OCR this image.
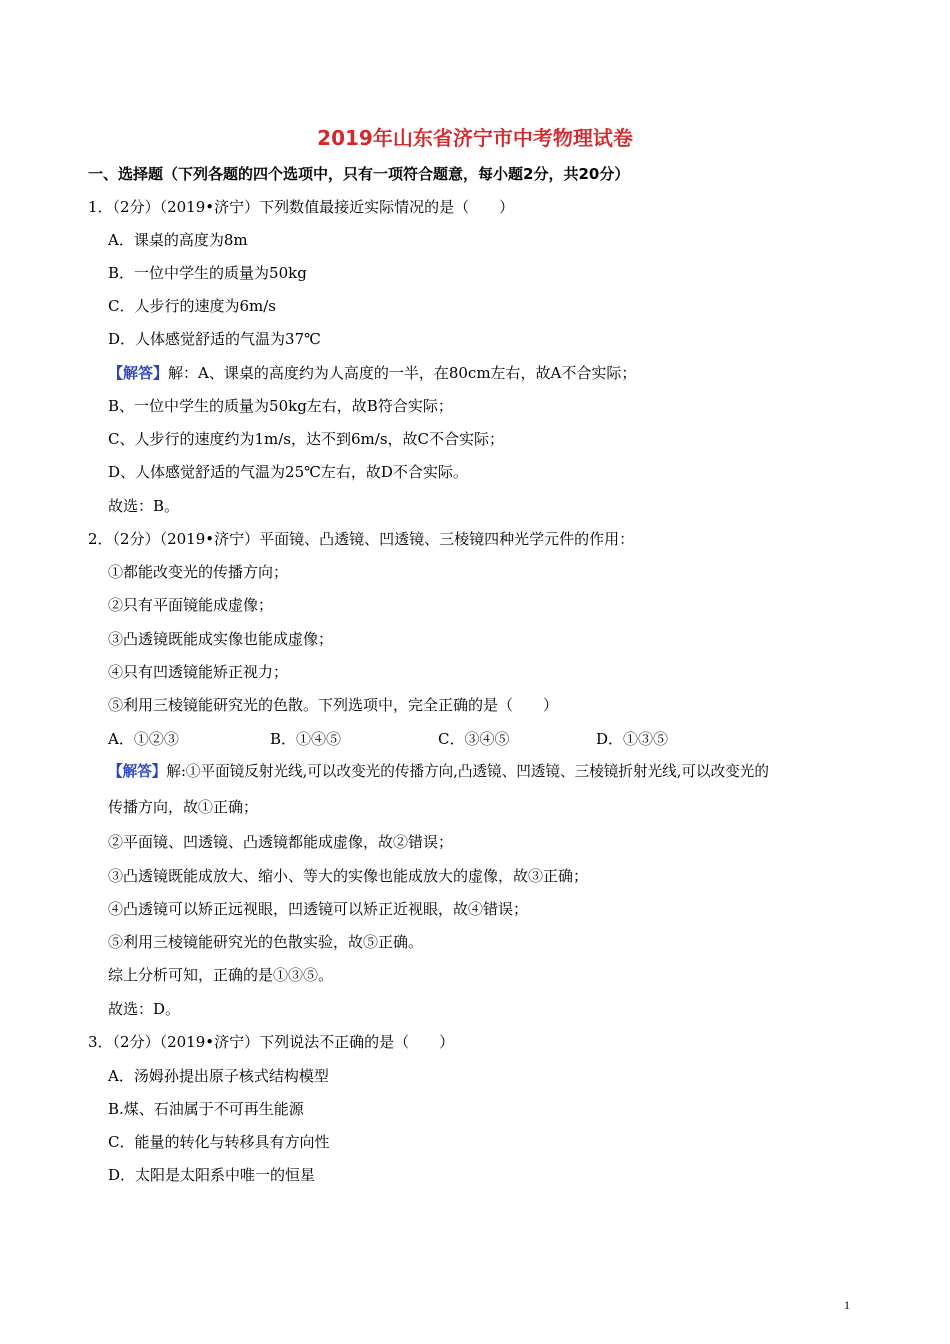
2019年山东省济宁市中考物理试卷
一、选择题（下列各题的四个选项中，只有一项符合题意，每小题2分，共20分）
1．（2分）（2019•济宁）下列数值最接近实际情况的是（　　）
A．课桌的高度为8m
B．一位中学生的质量为50kg
C．人步行的速度为6m/s
D．人体感觉舒适的气温为37℃
【解答】解：A、课桌的高度约为人高度的一半，在80cm左右，故A不合实际；
B、一位中学生的质量为50kg左右，故B符合实际；
C、人步行的速度约为1m/s，达不到6m/s，故C不合实际；
D、人体感觉舒适的气温为25℃左右，故D不合实际。
故选：B。
2．（2分）（2019•济宁）平面镜、凸透镜、凹透镜、三棱镜四种光学元件的作用：
①都能改变光的传播方向；
②只有平面镜能成虚像；
③凸透镜既能成实像也能成虚像；
④只有凹透镜能矫正视力；
⑤利用三棱镜能研究光的色散。下列选项中，完全正确的是（　　）
A．①②③	B．①④⑤	C．③④⑤	D．①③⑤
【解答】解:①平面镜反射光线,可以改变光的传播方向,凸透镜、凹透镜、三棱镜折射光线,可以改变光的
传播方向，故①正确；
②平面镜、凹透镜、凸透镜都能成虚像，故②错误；
③凸透镜既能成放大、缩小、等大的实像也能成放大的虚像，故③正确；
④凸透镜可以矫正远视眼，凹透镜可以矫正近视眼，故④错误；
⑤利用三棱镜能研究光的色散实验，故⑤正确。
综上分析可知，正确的是①③⑤。
故选：D。
3．（2分）（2019•济宁）下列说法不正确的是（　　）
A．汤姆孙提出原子核式结构模型
B.煤、石油属于不可再生能源
C．能量的转化与转移具有方向性
D．太阳是太阳系中唯一的恒星
1
